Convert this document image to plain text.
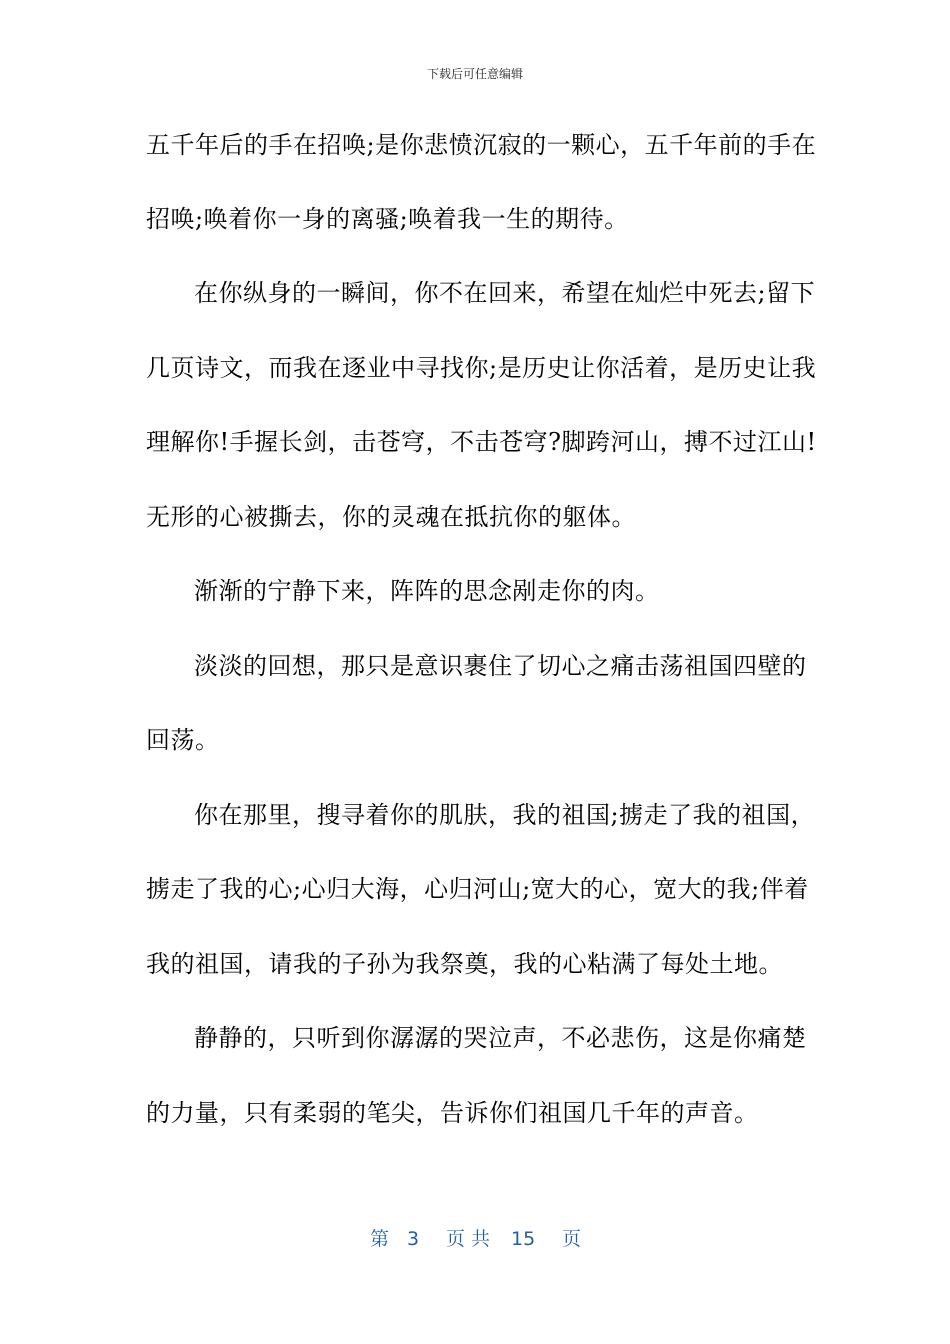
下载后可任意编辑
五千年后的手在招唤;是你悲愤沉寂的一颗心，五千年前的手在
招唤;唤着你一身的离骚;唤着我一生的期待。
在你纵身的一瞬间，你不在回来，希望在灿烂中死去;留下
几页诗文，而我在逐业中寻找你;是历史让你活着，是历史让我
理解你!手握长剑，击苍穹，不击苍穹?脚跨河山，搏不过江山!
无形的心被撕去，你的灵魂在抵抗你的躯体。
渐渐的宁静下来，阵阵的思念剐走你的肉。
淡淡的回想，那只是意识裹住了切心之痛击荡祖国四壁的
回荡。
你在那里，搜寻着你的肌肤，我的祖国;掳走了我的祖国，
掳走了我的心;心归大海，心归河山;宽大的心，宽大的我;伴着
我的祖国，请我的子孙为我祭奠，我的心粘满了每处土地。
静静的，只听到你潺潺的哭泣声，不必悲伤，这是你痛楚
的力量，只有柔弱的笔尖，告诉你们祖国几千年的声音。
第 3 页 共 15 页
